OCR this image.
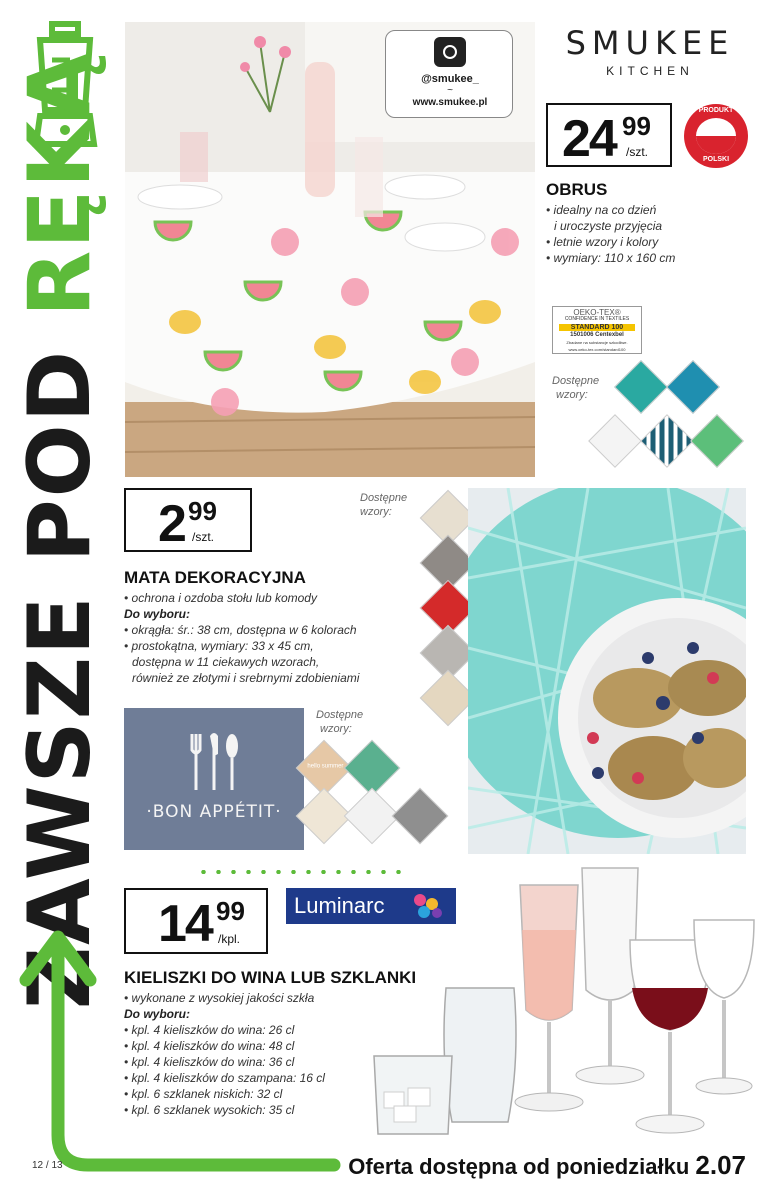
ZAWSZE POD RĘKĄ	@smukee_
~
www.smukee.pl
SMUKEE
KITCHEN
24 99
/szt.
PRODUKT
POLSKI
OBRUS
• idealny na co dzień
i uroczyste przyjęcia
• letnie wzory i kolory
• wymiary: 110 x 160 cm
OEKO-TEX®
CONFIDENCE IN TEXTILES
STANDARD 100
1501006 Centexbel
Zbadane na substancje szkodliwe.
www.oeko-tex.com/standard100
Dostępne
wzory:
2 99
/szt.
MATA DEKORACYJNA
• ochrona i ozdoba stołu lub komody
Do wyboru:
• okrągła: śr.: 38 cm, dostępna w 6 kolorach
• prostokątna, wymiary: 33 x 45 cm,
dostępna w 11 ciekawych wzorach,
również ze złotymi i srebrnymi zdobieniami
Dostępne
wzory:
·BON APPÉTIT·
Dostępne
wzory:
hello summer
14 99
/kpl.
Luminarc
KIELISZKI DO WINA LUB SZKLANKI
• wykonane z wysokiej jakości szkła
Do wyboru:
• kpl. 4 kieliszków do wina: 26 cl
• kpl. 4 kieliszków do wina: 48 cl
• kpl. 4 kieliszków do wina: 36 cl
• kpl. 4 kieliszków do szampana: 16 cl
• kpl. 6 szklanek niskich: 32 cl
• kpl. 6 szklanek wysokich: 35 cl
12 / 13	Oferta dostępna od poniedziałku 2.07
